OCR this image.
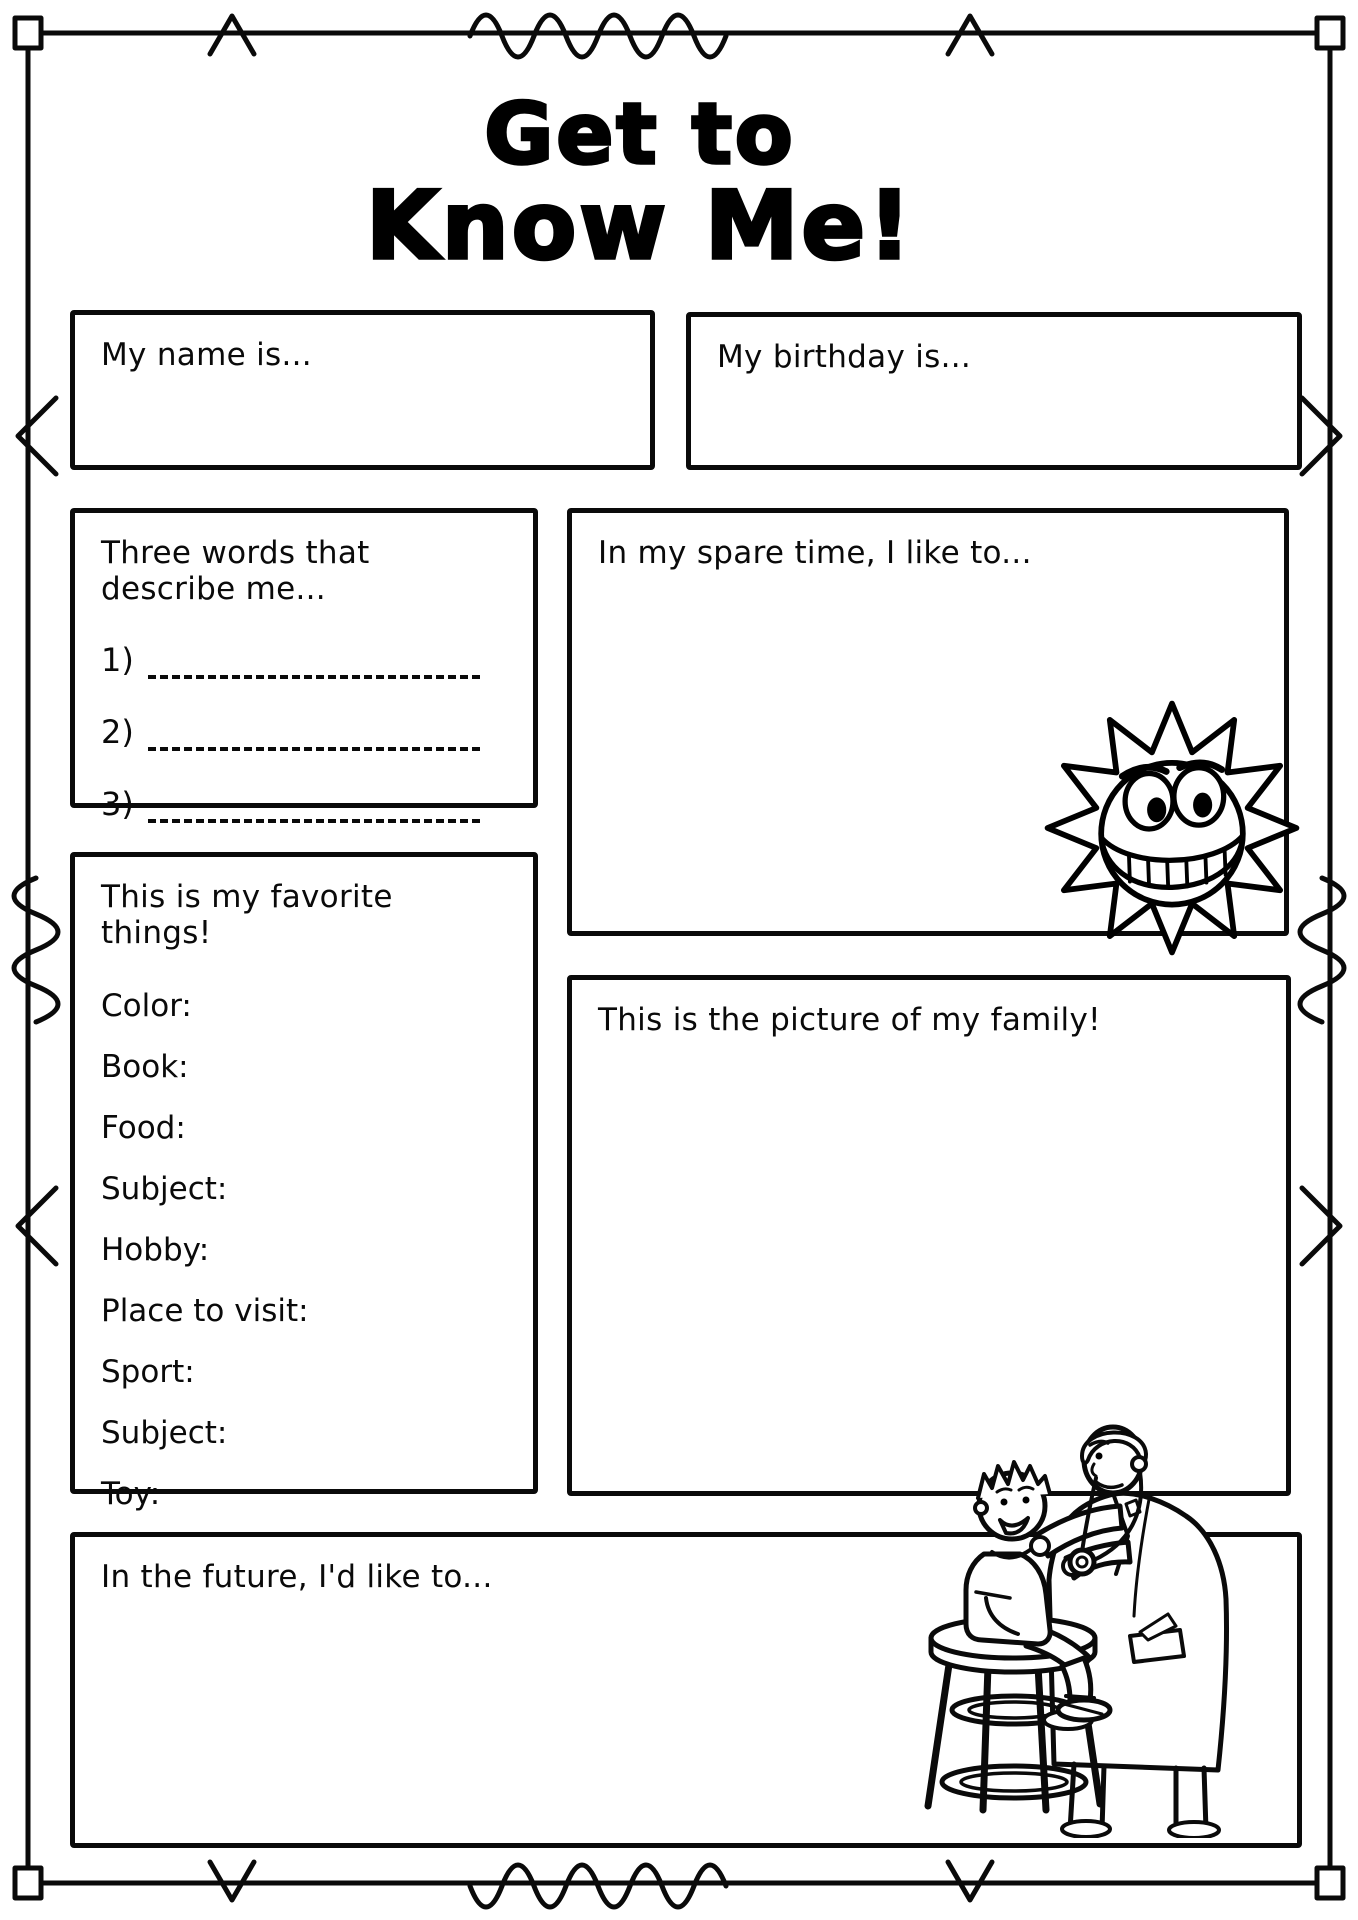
Get to
Know Me!
My name is...	My birthday is...
Three words that describe me...
1)
2)
3)
In my spare time, I like to...
This is my favorite things!
Color:
Book:
Food:
Subject:
Hobby:
Place to visit:
Sport:
Subject:
Toy:
This is the picture of my family!
In the future, I'd like to...
